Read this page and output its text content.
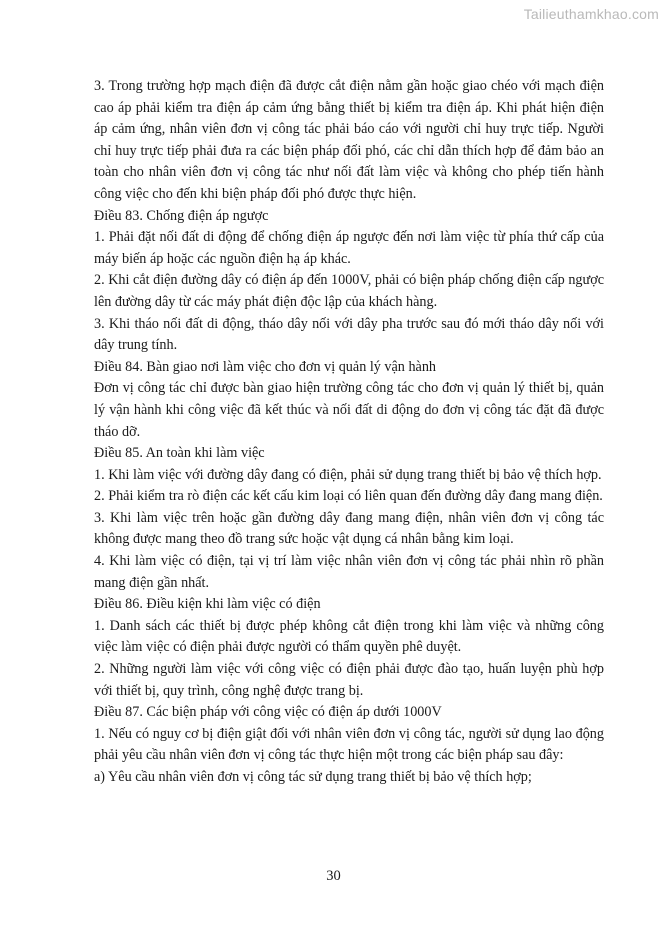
Tailieuthamkhao.com

3. Trong trường hợp mạch điện đã được cắt điện nằm gần hoặc giao chéo với mạch điện cao áp phải kiểm tra điện áp cảm ứng bằng thiết bị kiểm tra điện áp. Khi phát hiện điện áp cảm ứng, nhân viên đơn vị công tác phải báo cáo với người chỉ huy trực tiếp. Người chỉ huy trực tiếp phải đưa ra các biện pháp đối phó, các chỉ dẫn thích hợp để đảm bảo an toàn cho nhân viên đơn vị công tác như nối đất làm việc và không cho phép tiến hành công việc cho đến khi biện pháp đối phó được thực hiện.

Điều 83. Chống điện áp ngược

1. Phải đặt nối đất di động để chống điện áp ngược đến nơi làm việc từ phía thứ cấp của máy biến áp hoặc các nguồn điện hạ áp khác.

2. Khi cắt điện đường dây có điện áp đến 1000V, phải có biện pháp chống điện cấp ngược lên đường dây từ các máy phát điện độc lập của khách hàng.

3. Khi tháo nối đất di động, tháo dây nối với dây pha trước sau đó mới tháo dây nối với dây trung tính.

Điều 84. Bàn giao nơi làm việc cho đơn vị quản lý vận hành

Đơn vị công tác chỉ được bàn giao hiện trường công tác cho đơn vị quản lý thiết bị, quản lý vận hành khi công việc đã kết thúc và nối đất di động do đơn vị công tác đặt đã được tháo dỡ.

Điều 85. An toàn khi làm việc

1. Khi làm việc với đường dây đang có điện, phải sử dụng trang thiết bị bảo vệ thích hợp.

2. Phải kiểm tra rò điện các kết cấu kim loại có liên quan đến đường dây đang mang điện.

3. Khi làm việc trên hoặc gần đường dây đang mang điện, nhân viên đơn vị công tác không được mang theo đồ trang sức hoặc vật dụng cá nhân bằng kim loại.

4. Khi làm việc có điện, tại vị trí làm việc nhân viên đơn vị công tác phải nhìn rõ phần mang điện gần nhất.

Điều 86. Điều kiện khi làm việc có điện

1. Danh sách các thiết bị được phép không cắt điện trong khi làm việc và những công việc làm việc có điện phải được người có thẩm quyền phê duyệt.

2. Những người làm việc với công việc có điện phải được đào tạo, huấn luyện phù hợp với thiết bị, quy trình, công nghệ được trang bị.

Điều 87. Các biện pháp với công việc có điện áp dưới 1000V

1. Nếu có nguy cơ bị điện giật đối với nhân viên đơn vị công tác, người sử dụng lao động phải yêu cầu nhân viên đơn vị công tác thực hiện một trong các biện pháp sau đây:

a) Yêu cầu nhân viên đơn vị công tác sử dụng trang thiết bị bảo vệ thích hợp;

30
